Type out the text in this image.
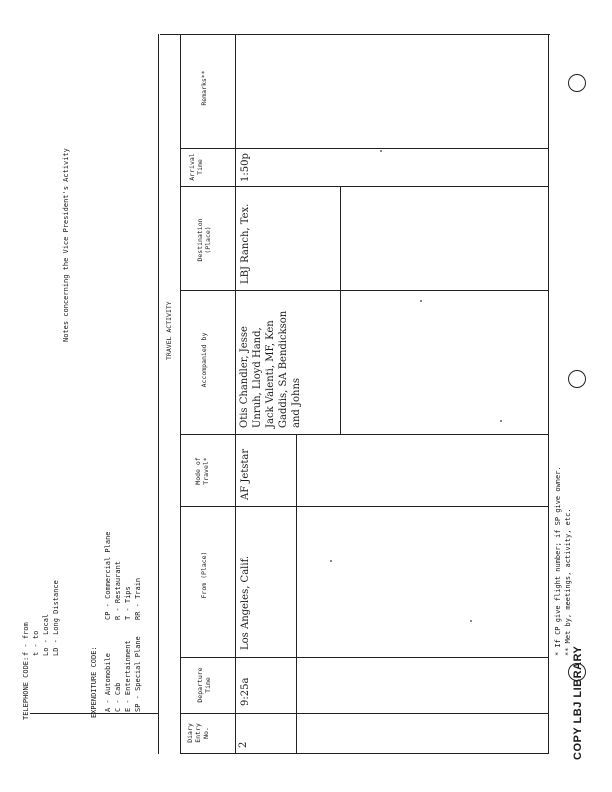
TELEPHONE CODE:
f - from t - to Lo - Local LD - Long Distance
EXPENDITURE CODE: A - Automobile C - Cab E - Entertainment SP - Special Plane
CP - Commercial Plane R - Restaurant T - Tips RR - Train
Notes concerning the Vice President's Activity	TRAVEL ACTIVITY
Diary Entry No.
Departure Time
From (Place)
Mode of Travel*
Accompanied by
Destination (Place)
Arrival Time
Remarks**
2
9:25a
Los Angeles, Calif.
AF Jetstar
Otis Chandler, Jesse Unruh, Lloyd Hand, Jack Valenti, MF, Ken Gaddis, SA Bendickson and Johns
LBJ Ranch, Tex.
1:50p
* If CP give flight number; if SP give owner. ** Met by, meetings, activity, etc.
COPY LBJ LIBRARY
